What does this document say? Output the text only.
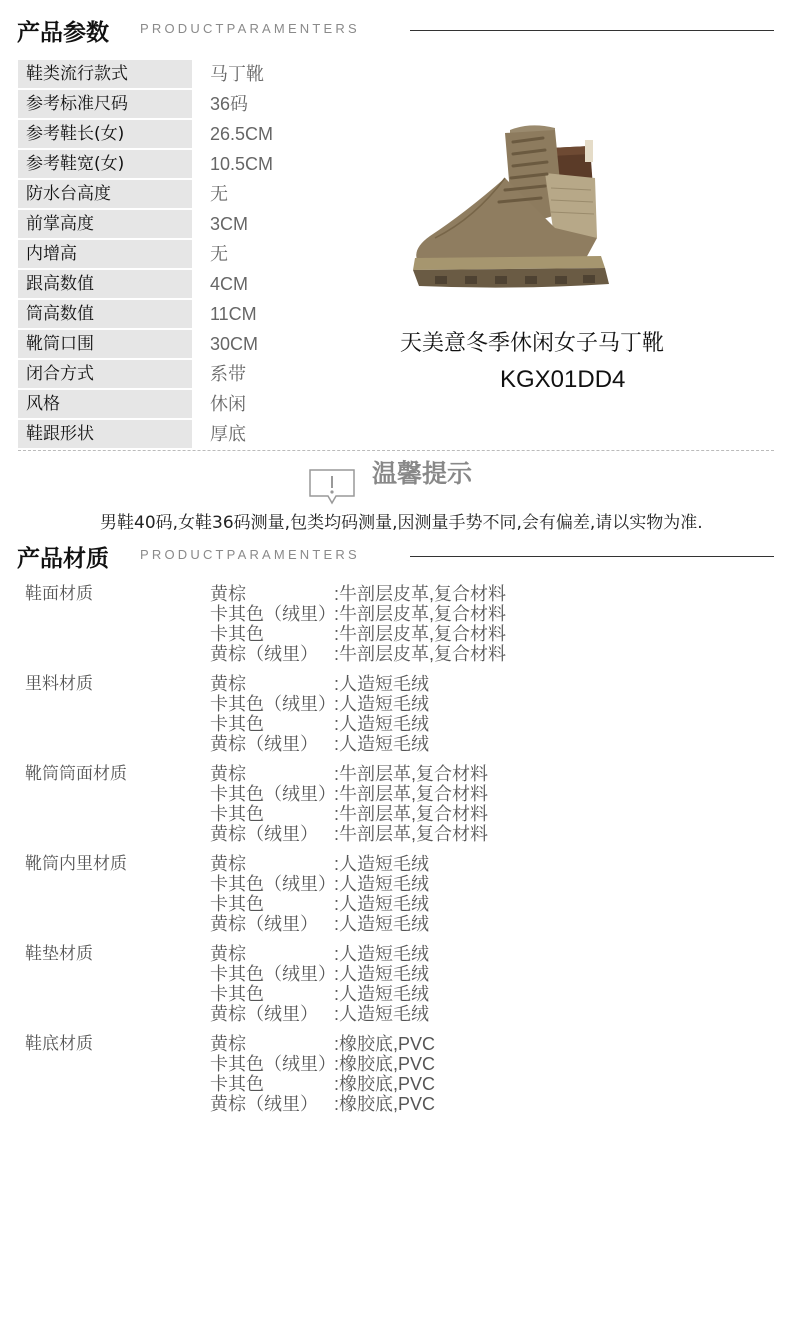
产品参数 PRODUCTPARAMENTERS
鞋类流行款式	马丁靴
参考标准尺码	36码
参考鞋长(女)	26.5CM
参考鞋宽(女)	10.5CM
防水台高度	无
前掌高度	3CM
内增高	无
跟高数值	4CM
筒高数值	11CM
靴筒口围	30CM
闭合方式	系带
风格	休闲
鞋跟形状	厚底
天美意冬季休闲女子马丁靴
KGX01DD4
温馨提示
男鞋40码,女鞋36码测量,包类均码测量,因测量手势不同,会有偏差,请以实物为准.
产品材质 PRODUCTPARAMENTERS
鞋面材质	黄棕	:牛剖层皮革,复合材料
卡其色（绒里）:牛剖层皮革,复合材料
卡其色	:牛剖层皮革,复合材料
黄棕（绒里） :牛剖层皮革,复合材料
里料材质	黄棕	:人造短毛绒
卡其色（绒里）:人造短毛绒
卡其色	:人造短毛绒
黄棕（绒里） :人造短毛绒
靴筒筒面材质	黄棕	:牛剖层革,复合材料
卡其色（绒里）:牛剖层革,复合材料
卡其色	:牛剖层革,复合材料
黄棕（绒里） :牛剖层革,复合材料
靴筒内里材质	黄棕	:人造短毛绒
卡其色（绒里）:人造短毛绒
卡其色	:人造短毛绒
黄棕（绒里） :人造短毛绒
鞋垫材质	黄棕	:人造短毛绒
卡其色（绒里）:人造短毛绒
卡其色	:人造短毛绒
黄棕（绒里） :人造短毛绒
鞋底材质	黄棕	:橡胶底,PVC
卡其色（绒里）:橡胶底,PVC
卡其色	:橡胶底,PVC
黄棕（绒里） :橡胶底,PVC
